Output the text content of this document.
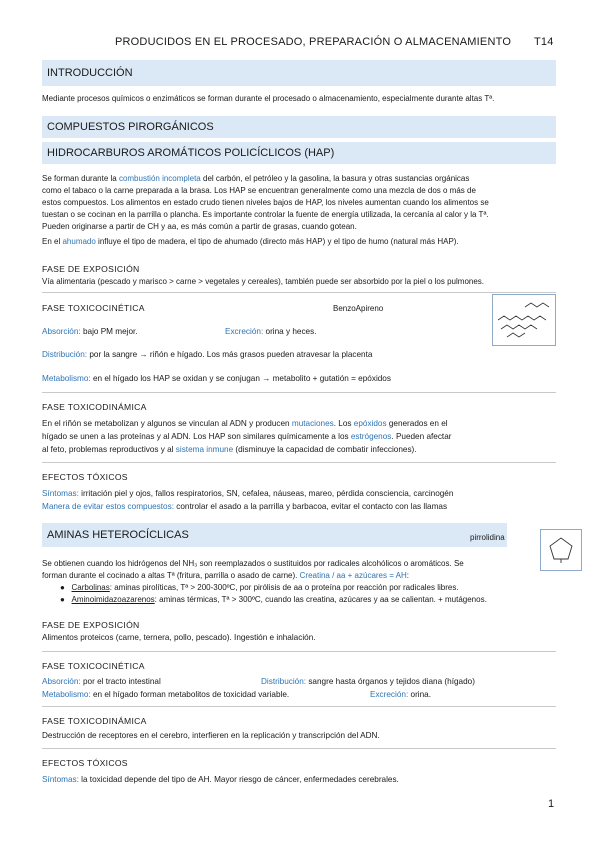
PRODUCIDOS EN EL PROCESADO, PREPARACIÓN O ALMACENAMIENTO T14
INTRODUCCIÓN
Mediante procesos químicos o enzimáticos se forman durante el procesado o almacenamiento, especialmente durante altas Tª.
COMPUESTOS PIRORGÁNICOS
HIDROCARBUROS AROMÁTICOS POLICÍCLICOS (HAP)
Se forman durante la combustión incompleta del carbón, el petróleo y la gasolina, la basura y otras sustancias orgánicas
como el tabaco o la carne preparada a la brasa. Los HAP se encuentran generalmente como una mezcla de dos o más de
estos compuestos. Los alimentos en estado crudo tienen niveles bajos de HAP, los niveles aumentan cuando los alimentos se
tuestan o se cocinan en la parrilla o plancha. Es importante controlar la fuente de energía utilizada, la cercanía al calor y la Tª.
Pueden originarse a partir de CH y aa, es más común a partir de grasas, cuando gotean.
En el ahumado influye el tipo de madera, el tipo de ahumado (directo más HAP) y el tipo de humo (natural más HAP).
FASE DE EXPOSICIÓN
Vía alimentaria (pescado y marisco > carne > vegetales y cereales), también puede ser absorbido por la piel o los pulmones.
FASE TOXICOCINÉTICA	BenzoApireno
Absorción: bajo PM mejor.	Excreción: orina y heces.
Distribución: por la sangre → riñón e hígado. Los más grasos pueden atravesar la placenta
Metabolismo: en el hígado los HAP se oxidan y se conjugan → metabolito + gutatión = epóxidos
FASE TOXICODINÁMICA
En el riñón se metabolizan y algunos se vinculan al ADN y producen mutaciones. Los epóxidos generados en el
hígado se unen a las proteínas y al ADN. Los HAP son similares químicamente a los estrógenos. Pueden afectar
al feto, problemas reproductivos y al sistema inmune (disminuye la capacidad de combatir infecciones).
EFECTOS TÓXICOS
Síntomas: irritación piel y ojos, fallos respiratorios, SN, cefalea, náuseas, mareo, pérdida consciencia, carcinogén
Manera de evitar estos compuestos: controlar el asado a la parrilla y barbacoa, evitar el contacto con las llamas
AMINAS HETEROCÍCLICAS	pirrolidina
Se obtienen cuando los hidrógenos del NH₃ son reemplazados o sustituidos por radicales alcohólicos o aromáticos. Se
forman durante el cocinado a altas Tª (fritura, parrilla o asado de carne). Creatina / aa + azúcares = AH:
● Carbolinas: aminas pirolíticas, Tª > 200-300ºC, por pirólisis de aa o proteína por reacción por radicales libres.
● Aminoimidazoazarenos: aminas térmicas, Tª > 300ºC, cuando las creatina, azúcares y aa se calientan. + mutágenos.
FASE DE EXPOSICIÓN
Alimentos proteicos (carne, ternera, pollo, pescado). Ingestión e inhalación.
FASE TOXICOCINÉTICA
Absorción: por el tracto intestinal	Distribución: sangre hasta órganos y tejidos diana (hígado)
Metabolismo: en el hígado forman metabolitos de toxicidad variable.	Excreción: orina.
FASE TOXICODINÁMICA
Destrucción de receptores en el cerebro, interfieren en la replicación y transcripción del ADN.
EFECTOS TÓXICOS
Síntomas: la toxicidad depende del tipo de AH. Mayor riesgo de cáncer, enfermedades cerebrales.
1
